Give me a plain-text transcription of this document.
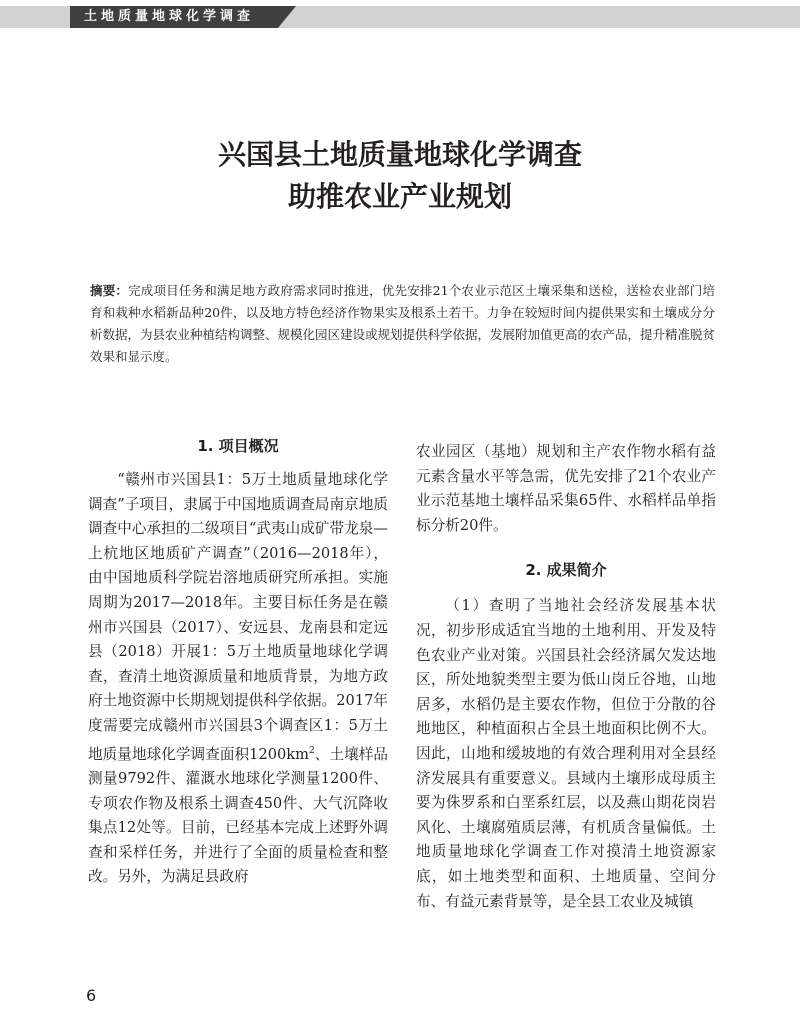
土地质量地球化学调查
兴国县土地质量地球化学调查
助推农业产业规划
摘要：完成项目任务和满足地方政府需求同时推进，优先安排21个农业示范区土壤采集和送检，送检农业部门培育和栽种水稻新品种20件，以及地方特色经济作物果实及根系土若干。力争在较短时间内提供果实和土壤成分分析数据，为县农业种植结构调整、规模化园区建设或规划提供科学依据，发展附加值更高的农产品，提升精准脱贫效果和显示度。
1. 项目概况

“赣州市兴国县1：5万土地质量地球化学调查”子项目，隶属于中国地质调查局南京地质调查中心承担的二级项目“武夷山成矿带龙泉—上杭地区地质矿产调查”（2016—2018年），由中国地质科学院岩溶地质研究所承担。实施周期为2017—2018年。主要目标任务是在赣州市兴国县（2017）、安远县、龙南县和定远县（2018）开展1：5万土地质量地球化学调查，查清土地资源质量和地质背景，为地方政府土地资源中长期规划提供科学依据。2017年度需要完成赣州市兴国县3个调查区1：5万土地质量地球化学调查面积$1200km^2$、土壤样品测量9792件、灌溉水地球化学测量1200件、专项农作物及根系土调查450件、大气沉降收集点12处等。目前，已经基本完成上述野外调查和采样任务，并进行了全面的质量检查和整改。另外，为满足县政府

农业园区（基地）规划和主产农作物水稻有益元素含量水平等急需，优先安排了21个农业产业示范基地土壤样品采集65件、水稻样品单指标分析20件。

2. 成果简介

（1）查明了当地社会经济发展基本状况，初步形成适宜当地的土地利用、开发及特色农业产业对策。兴国县社会经济属欠发达地区，所处地貌类型主要为低山岗丘谷地，山地居多，水稻仍是主要农作物，但位于分散的谷地地区，种植面积占全县土地面积比例不大。因此，山地和缓坡地的有效合理利用对全县经济发展具有重要意义。县域内土壤形成母质主要为侏罗系和白垩系红层，以及燕山期花岗岩风化、土壤腐殖质层薄，有机质含量偏低。土地质量地球化学调查工作对摸清土地资源家底，如土地类型和面积、土地质量、空间分布、有益元素背景等，是全县工农业及城镇

6
